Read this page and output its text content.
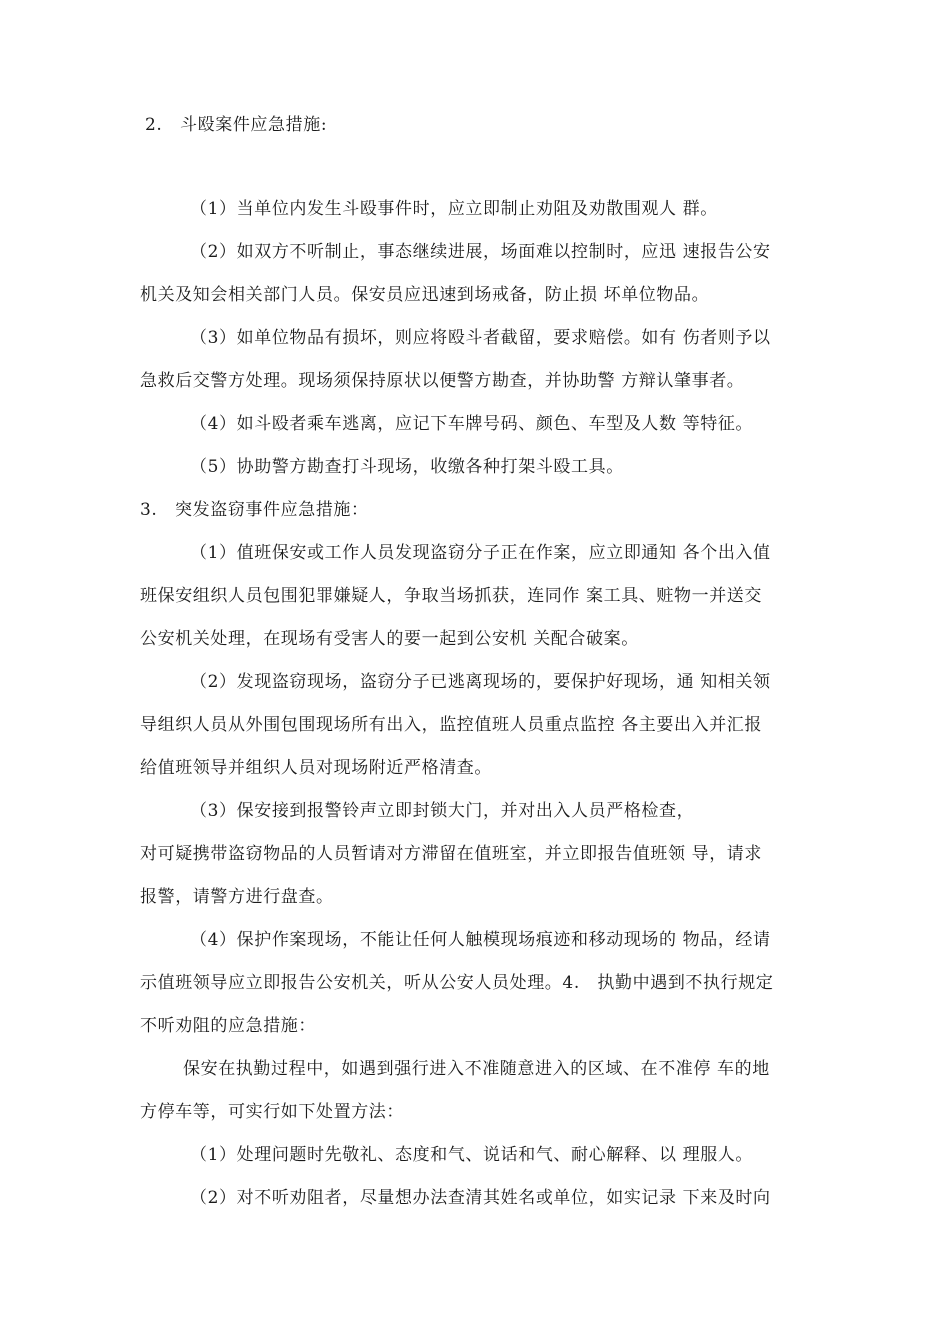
2.　斗殴案件应急措施:
（1）当单位内发生斗殴事件时，应立即制止劝阻及劝散围观人 群。
（2）如双方不听制止，事态继续进展，场面难以控制时，应迅 速报告公安
机关及知会相关部门人员。保安员应迅速到场戒备，防止损 坏单位物品。
（3）如单位物品有损坏，则应将殴斗者截留，要求赔偿。如有 伤者则予以
急救后交警方处理。现场须保持原状以便警方勘查，并协助警 方辩认肇事者。
（4）如斗殴者乘车逃离，应记下车牌号码、颜色、车型及人数 等特征。
（5）协助警方勘查打斗现场，收缴各种打架斗殴工具。
3.　突发盗窃事件应急措施：
（1）值班保安或工作人员发现盗窃分子正在作案，应立即通知 各个出入值
班保安组织人员包围犯罪嫌疑人，争取当场抓获，连同作 案工具、赃物一并送交
公安机关处理，在现场有受害人的要一起到公安机 关配合破案。
（2）发现盗窃现场，盗窃分子已逃离现场的，要保护好现场，通 知相关领
导组织人员从外围包围现场所有出入，监控值班人员重点监控 各主要出入并汇报
给值班领导并组织人员对现场附近严格清查。
（3）保安接到报警铃声立即封锁大门，并对出入人员严格检查，
对可疑携带盗窃物品的人员暂请对方滞留在值班室，并立即报告值班领 导，请求
报警，请警方进行盘查。
（4）保护作案现场，不能让任何人触模现场痕迹和移动现场的 物品，经请
示值班领导应立即报告公安机关，听从公安人员处理。4.　执勤中遇到不执行规定
不听劝阻的应急措施：
保安在执勤过程中，如遇到强行进入不准随意进入的区域、在不准停 车的地
方停车等，可实行如下处置方法：
（1）处理问题时先敬礼、态度和气、说话和气、耐心解释、以 理服人。
（2）对不听劝阻者，尽量想办法查清其姓名或单位，如实记录 下来及时向
